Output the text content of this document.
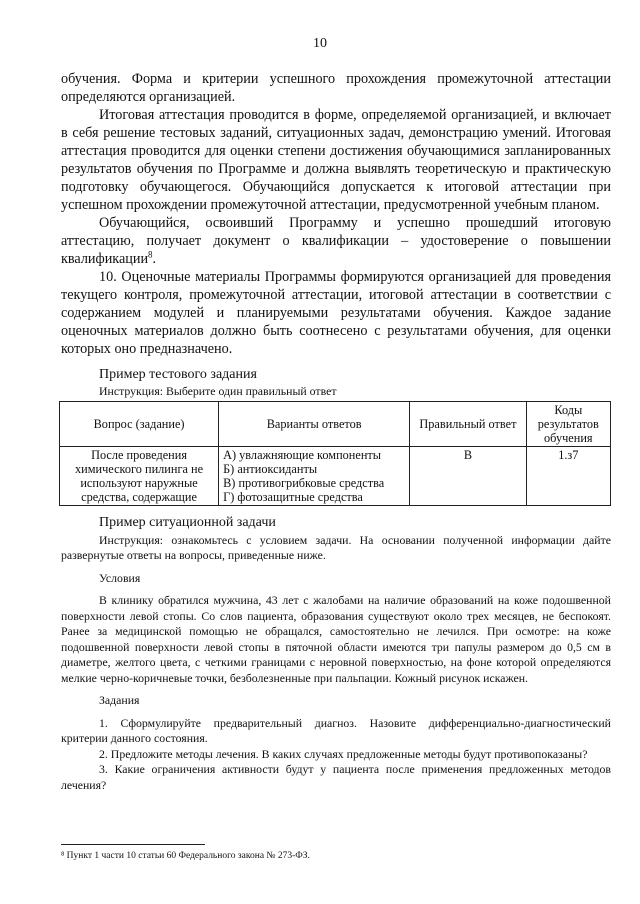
10

обучения. Форма и критерии успешного прохождения промежуточной аттестации определяются организацией.

Итоговая аттестация проводится в форме, определяемой организацией, и включает в себя решение тестовых заданий, ситуационных задач, демонстрацию умений. Итоговая аттестация проводится для оценки степени достижения обучающимися запланированных результатов обучения по Программе и должна выявлять теоретическую и практическую подготовку обучающегося. Обучающийся допускается к итоговой аттестации при успешном прохождении промежуточной аттестации, предусмотренной учебным планом.

Обучающийся, освоивший Программу и успешно прошедший итоговую аттестацию, получает документ о квалификации – удостоверение о повышении квалификации$^8$.

10. Оценочные материалы Программы формируются организацией для проведения текущего контроля, промежуточной аттестации, итоговой аттестации в соответствии с содержанием модулей и планируемыми результатами обучения. Каждое задание оценочных материалов должно быть соотнесено с результатами обучения, для оценки которых оно предназначено.

Пример тестового задания

Инструкция: Выберите один правильный ответ
Вопрос (задание)	Варианты ответов	Правильный ответ	Коды результатов обучения
После проведения химического пилинга не используют наружные средства, содержащие	А) увлажняющие компоненты
Б) антиоксиданты
В) противогрибковые средства
Г) фотозащитные средства	В	1.з7

Пример ситуационной задачи

Инструкция: ознакомьтесь с условием задачи. На основании полученной информации дайте развернутые ответы на вопросы, приведенные ниже.

Условия

В клинику обратился мужчина, 43 лет с жалобами на наличие образований на коже подошвенной поверхности левой стопы. Со слов пациента, образования существуют около трех месяцев, не беспокоят. Ранее за медицинской помощью не обращался, самостоятельно не лечился. При осмотре: на коже подошвенной поверхности левой стопы в пяточной области имеются три папулы размером до 0,5 см в диаметре, желтого цвета, с четкими границами с неровной поверхностью, на фоне которой определяются мелкие черно-коричневые точки, безболезненные при пальпации. Кожный рисунок искажен.

Задания

1. Сформулируйте предварительный диагноз. Назовите дифференциально-диагностический критерии данного состояния.

2. Предложите методы лечения. В каких случаях предложенные методы будут противопоказаны?

3. Какие ограничения активности будут у пациента после применения предложенных методов лечения?

⁸ Пункт 1 части 10 статьи 60 Федерального закона № 273-ФЗ.
